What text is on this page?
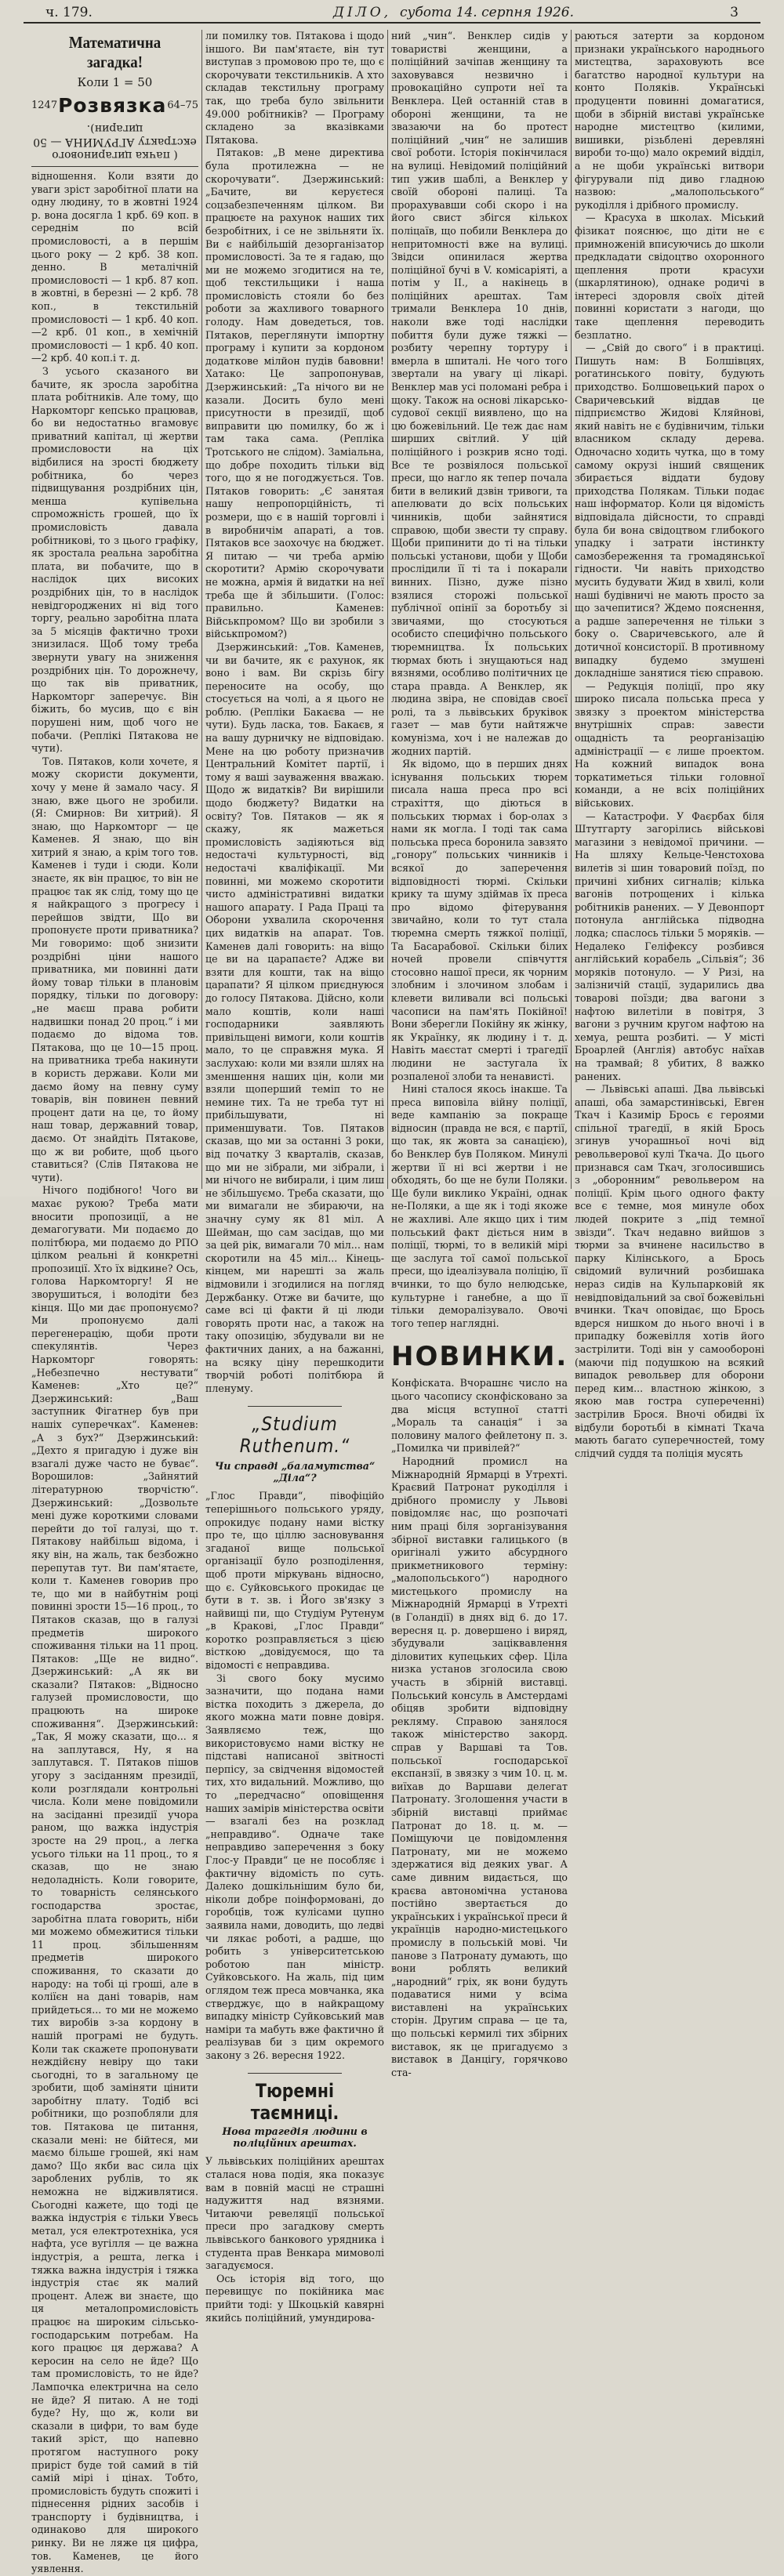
ч. 179.	ДІЛО, субота 14. серпня 1926.	3
Математична загадка!
Коли 1 = 50
1247 Розвязка 64–75
( пачка цигаринового екстракту АГРУМИНА — 50 цигарин).

відношення. Коли взяти до уваги зріст заробітної плати на одну людину, то в жовтні 1924 р. вона досягла 1 крб. 69 коп. в середнім по всій промисловості, а в першім цього року — 2 крб. 38 коп. денно. В металічній промисловості — 1 крб. 87 коп. в жовтні, в березні — 2 крб. 78 коп., в текстильній промисловості — 1 крб. 40 коп.—2 крб. 01 коп., в хемічній промисловості — 1 крб. 40 коп.—2 крб. 40 коп.і т. д.

З усього сказаного ви бачите, як зросла заробітна плата робітників. Але тому, що Наркомторг кепсько працював, бо ви недостатньо вгамовує приватний капітал, ці жертви промисловости на ціх відбилися на зрості бюджету робітника, бо через підвищування роздрібних цін, менша купівельна спроможність грошей, що їх промисловість давала робітникові, то з цього графіку, як зростала реальна заробітна плата, ви побачите, що в наслідок цих високих роздрібних цін, то в наслідок невідгороджених ні від того торгу, реально заробітна плата за 5 місяців фактично трохи знизилася. Щоб тому треба звернути увагу на зниження роздрібних цін. То дорожнечу, що так вів приватник, Наркомторг заперечує. Він біжить, бо мусив, що є він порушені ним, щоб чого не побачи. (Реплікі Пятакова не чути).

Тов. Пятаков, коли хочете, я можу скористи документи, хочу у мене й замало часу. Я знаю, вже цього не зробили. (Я: Смирнов: Ви хитрий). Я знаю, що Наркомторг — це Каменев. Я знаю, що він хитрий я знаю, а крім того тов. Каменев і туди і сюди. Коли знаєте, як він працює, то він не працює так як слід, тому що це я найкращого з прогресу і перейшов звідти, Що ви пропонуєте проти приватника? Ми говоримо: щоб знизити роздрібні ціни нашого приватника, ми повинні дати йому товар тільки в плановім порядку, тільки по договору: „не маєш права робити надвишки понад 20 проц.“ і ми подаємо до відома тов. Пятакова, що це 10—15 проц. на приватника треба накинути в користь держави. Коли ми даємо йому на певну суму товарів, він повинен певний процент дати на це, то йому наш товар, державний товар, даємо. От знайдіть Пятакове, що ж ви робите, щоб цього ставиться? (Слів Пятакова не чути).

Нічого подібного! Чого ви махає рукою? Треба мати вносити пропозиції, а не демагогувати. Ми подаємо до політбюра, ми подаємо до РПО цілком реальні й конкретні пропозиції. Хто їх відкине? Ось, голова Наркомторгу! Я не зворушиться, і володіти без кінця. Що ми дає пропонуємо? Ми пропонуємо далі перегенерацію, щоби проти спекулянтів. Через Наркомторг говорять: „Небезпечно нестувати“ Каменев: „Хто це?“ Дзержинський: „Ваш заступник Фігатнер був при нашіх суперечках“. Каменев: „А з бух?“ Дзержинський: „Дехто я пригадую і дуже він взагалі дуже часто не буває“. Ворошилов: „Зайнятий літературною творчістю“. Дзержинський: „Дозвольте мені дуже короткими словами перейти до тої галузі, що т. Пятакову найбільш відома, і яку він, на жаль, так безбожно перепутав тут. Ви пам'ятаєте, коли т. Каменев говорив про те, що ми в найбутнім році повинні зрости 15—16 проц., то Пятаков сказав, що в галузі предметів широкого споживання тільки на 11 проц. Пятаков: „Ще не видно“. Дзержинський: „А як ви сказали? Пятаков: „Відносно галузей промисловости, що працюють на широке споживання“. Дзержинський: „Так, Я можу сказати, що... я на заплутався, Ну, я на заплутався. Т. Пятаков пішов угору з засіданням президії, коли розглядали контрольні числа. Коли мене повідомили на засіданні президії учора раном, що важка індустрія зросте на 29 проц., а легка усього тільки на 11 проц., то я сказав, що не знаю недоладність. Коли говорите, то товарність селянського господарства зростає, заробітна плата говорить, ніби ми можемо обмежитися тільки 11 проц. збільшенням предметів широкого споживання, то сказати до народу: на тобі ці гроші, але в коліїєн на дані товарів, нам прийдеться... то ми не можемо тих виробів з-за кордону в нашій програмі не будуть. Коли так скажете пропонувати неждійєну невіру що таки сьогодні, то в загальному це зробити, щоб заміняти цінити заробітну плату. Тодіб всі робітники, що розпобляли для тов. Пятакова це питання, сказали мені: не бійтеся, ми маємо більше грошей, які нам дамо? Що якби вас сила ціх зароблених рублів, то як неможна не відживлятися. Сьогодні кажете, що тоді це важка індустрія є тільки Увесь метал, уся електротехніка, уся нафта, усе вугілля — це важна індустрія, а решта, легка і тяжка важна індустрія і тяжка індустрія стає як малий процент. Алеж ви знаєте, що ця металопромисловість працює на широким сільсько-господарським потребам. На кого працює ця держава? А керосин на село не йде? Що там промисловість, то не йде? Лампочка електрична на село не йде? Я питаю. А не тоді буде? Ну, що ж, коли ви сказали в цифри, то вам буде такий зріст, що напевно протягом наступного року приріст буде той самий в тій самій мірі і цінах. Тобто, промисловість будуть спожиті і піднесення рідних засобів і транспорту і будівництва, і одинаково для широкого ринку. Ви не ляже ця цифра, тов. Каменев, це його уявлення.

ли помилку тов. Пятакова і щодо іншого. Ви пам'ятаєте, він тут виступав з промовою про те, що є скорочувати текстильників. А хто складав текстильну програму так, що треба було звільнити 49.000 робітників? — Програму складено за вказівками Пятакова.

Пятаков: „В мене директива була протилежна — не скорочувати“. Дзержинський: „Бачите, ви керуєтеся соцзабезпеченням цілком. Ви працюєте на рахунок наших тих безробітних, і се не звільняти їх. Ви є найбільшій дезорганізатор промисловості. За те я гадаю, що ми не можемо згодитися на те, щоб текстильщики і наша промисловість стояли бо без роботи за жахливого товарного голоду. Нам доведеться, тов. Пятаков, переглянути імпортну програму і купити за кордоном додаткове мілйон пудів бавовни! Хатако: Це запропонував, Дзержинський: „Та нічого ви не казали. Досить було мені присутности в президії, щоб виправити цю помилку, бо ж і там така сама. (Репліка Тротського не слідом). Заміальна, що добре походить тільки від того, що я не погоджується. Тов. Пятаков говорить: „Є занятая нашу непропорційність, ті розмери, що є в нашій торговлі і в виробничім апараті, а тов. Пятаков все заохочує на бюджет. Я питаю — чи треба армію скоротити? Армію скорочувати не можна, армія й видатки на неї треба ще й збільшити. (Голос: правильно. Каменев: Військпромом? Що ви зробили з військпромом?)

Дзержинський: „Тов. Каменев, чи ви бачите, як є рахунок, як воно і вам. Ви скрізь бігу переносите на особу, що стосується на чолі, а я цього не роблю. (Репліки Бакаєва — не чути). Будь ласка, тов. Бакаєв, я на вашу дурничку не відповідаю. Мене на цю роботу призначив Центральний Комітет партії, і тому я ваші зауваження вважаю. Щодо ж видатків? Ви вирішили щодо бюджету? Видатки на освіту? Тов. Пятаков — як я скажу, як мажеться промисловість задіяються від недостачі культурності, від недостачі кваліфікації. Ми повинні, ми можемо скоротити чисто адміністративні видатки нашого апарату. І Рада Праці та Оборони ухвалила скорочення цих видатків на апарат. Тов. Каменев далі говорить: на віщо це ви на царапаєте? Адже ви взяти для кошти, так на віщо царапати? Я цілком приєднуюся до голосу Пятакова. Дійсно, коли мало коштів, коли наші господарники заявляють привільщені вимоги, коли коштів мало, то це справжня мука. Я заслухаю: коли ми взяли шлях на зменшення наших цін, коли ми взяли щоперший теміп то не немине тих. Та не треба тут ні прибільшувати, ні применшувати. Тов. Пятаков сказав, що ми за останні 3 роки, від початку 3 кварталів, сказав, що ми не зібрали, ми зібрали, і ми нічого не вибирали, і цим лиш не збільшуємо. Треба сказати, що ми вимагали не збираючи, на значну суму як 81 міл. А Шейман, що сам засідав, що ми за цей рік, вимагали 70 міл... нам скоротили на 45 міл... Кінець-кінцем, ми нарешті за жаль відмовили і згодилися на погляд Держбанку. Отже ви бачите, що саме всі ці факти й ці люди говорять проти нас, а також на таку опозицію, збудували ви не фактичних даних, а на бажанні, на всяку ціну перешкодити творчій роботі політбюра й пленуму.

„Studium Ruthenum.“
Чи справді „баламутства“ „Діла“?

„Глос Правди“, півофіційо теперішнього польського уряду, опрокидує подану нами вістку про те, що ціллю засновування згаданої вище польської організації було розподілення, щоб проти міркувань відносно, що є. Суйковського прокидає це бути в т. зв. і Його зв'язку з найвищі пи, що Студіум Рутенум „в Кракові, „Глос Правди“ коротко розправляється з цією вісткою „довідуємося, що та відомості є неправдива.

Зі свого боку мусимо зазначити, що подана нами вістка походить з джерела, до якого можна мати повне довіря. Заявляємо теж, що використовуємо нами вістку не підставі написаної звітності перпісу, за свідчення відомостей тих, хто видальний. Можливо, що то „передчасно“ оповіщення наших замірів міністерства освіти — взагалі без на розклад „неправдиво“. Одначе таке неправдиво заперечення з боку Глос-у Правди“ це не пособляє і фактичну відомість по суть. Далеко дошкільнішим було би, ніколи добре поінформовані, до горобців, тож кулісами цупно заявила нами, доводить, що ледві чи лякає роботі, а радше, що робить з університетською роботою пан міністр. Суйковського. На жаль, під цим оглядом теж преса мовчанка, яка стверджує, що в найкращому випадку міністр Суйковський мав наміри та мабуть вже фактично й реалізував би з цим окремого закону з 26. вересня 1922.

Тюремні таємниці.
Нова трагедія людини в поліційних арештах.

У львівських поліційних арештах сталася нова подія, яка показує вам в повній масці не страшні надужиття над вязнями. Читаючи ревеляції польської преси про загадкову смерть львівського банкового урядника і студента прав Венкара мимоволі загадуємося.

Ось історія від того, що перевищує по покійника має прийти тоді: у Шкоцькій кавярні якийсь поліційний, умундирова-

ний „чин“. Венклер сидів у товаристві женщини, а поліційний зачіпав женщину та заховувався незвично і провокаційно супроти неї та Венклера. Цей останній став в обороні женщини, та не звазаючи на бо протест поліційний „чин“ не залишив свої роботи. Історія покінчилася на вулиці. Невідомий поліційний тип ужив шаблі, а Венклер у своїй обороні палиці. Та прорахувавши собі скоро і на його свист збігся кількох поліцаїв, що побили Венклера до непритомності вже на вулиці. Звідси опинилася жертва поліційної бучі в V. комісаріяті, а потім у II., а накінець в поліційних арештах. Там тримали Венклера 10 днів, наколи вже тоді наслідки побиття були дуже тяжкі — розбиту черепну тортуру і вмерла в шпиталі. Не чого того звертали на увагу ці лікарі. Венклер мав усі поломані ребра і щоку. Також на основі лікарсько-судової секції виявлено, що на цю божевільний. Це теж дає нам ширших світлий. У цій поліційного і розкрив ясно тоді. Все те розвіялося польської преси, що нагло як тепер почала бити в великий дзвін тривоги, та апелювати до всіх польських чинників, щоби зайнятися справою, щоби звести ту справу. Щоби припинити до ті на тільки польські установи, щоби у Щоби прослідили її ті та і покарали винних. Пізно, дуже пізно взялися сторожі польської публічної опінії за боротьбу зі звичаями, що стосуються особисто специфічно польського тюремництва. Їх польських тюрмах бють і знущаються над вязнями, особливо політичних це стара правда. А Венклер, як людина звіра, не сповідав своєї ролі, та з львівських бруківок газет — мав бути найтяжче комунізма, хоч і не належав до жодних партій.

Як відомо, що в перших днях існування польських тюрем писала наша преса про всі страхіття, що діються в польських тюрмах і бор-олах з нами як могла. І тоді так сама польська преса боронила завзято „гонору“ польських чинників і всякої до заперечення відповідності тюрмі. Скільки крику та шуму здіймав їх преса про відомо фітерування звичайно, коли то тут стала тюремна смерть тяжкої поліції, Та Басарабової. Скільки білих ночей провели співчуття стосовно нашої преси, як чорним злобним і злочином злобам і клевети виливали всі польські часописи на пам'ять Покійної! Вони зберегли Покійну як жінку, як Українку, як людину і т. д. Навіть маєстат смерті і трагедії людини не застугала їх розпаленої злоби та ненависті.

Нині сталося якось інакше. Та преса виповіла війну поліції, веде кампанію за покраще відносин (правда не вся, є партії, що так, як жовта за санацією), бо Венклер був Поляком. Минулі жертви її ні всі жертви і не обходять, бо ще не були Поляки. Ще були виклико Україні, однак не-Поляки, а ще як і тоді якоже не жахливі. Але якщо цих і тим польський факт діється ним в поліції, тюрмі, то в великій мірі ще заслуга тої самої польської преси, що ідеалізувала поліцію, її вчинки, то що було нелюдське, культурне і ганебне, а що її тільки деморалізувало. Овочі того тепер наглядні.

НОВИНКИ.

Конфіската. Вчорашнє число на цього часопису сконфісковано за два місця вступної статті „Мораль та санація“ і за половину малого фейлетону п. з. „Помилка чи привілей?“

Народний промисл на Міжнародній Ярмарці в Утрехті. Краєвий Патронат рукоділля і дрібного промислу у Львові повідомляє нас, що розпочаті ним праці біля зорганізування збірної виставки галицького (в оригіналі ужито абсурдного прикметникового терміну: „малопольського“) народного мистецького промислу на Міжнародній Ярмарці в Утрехті (в Голандії) в днях від 6. до 17. вересня ц. р. довершено і виряд, збудували заціквавлення діловитих купецьких сфер. Ціла низка установ зголосила свою участь в збірній виставці. Польський консуль в Амстердамі обіцяв зробити відповідну рекляму. Справою занялося також міністерство закорд. справ у Варшаві та Тов. польської господарської експанзії, в звязку з чим 10. ц. м. виїхав до Варшави делегат Патронату. Зголошення участи в збірній виставці приймає Патронат до 18. ц. м. — Поміщуючи це повідомлення Патронату, ми не можемо здержатися від деяких уваг. А саме дивним видається, що краєва автономічна установа постійно звертається до українських і української преси й українців народно-мистецького промислу в польській мові. Чи панове з Патронату думають, що вони роблять великий „народний“ гріх, як вони будуть подаватися ними у всіма виставлені на українських сторін. Другим справа — це та, що польські кермилі тих збірних виставок, як це пригадуємо з виставок в Данцігу, горячково ста-

раються затерти за кордоном признаки українського народнього мистецтва, зараховують все багатство народної культури на конто Поляків. Українські продуценти повинні домагатися, щоби в збірній виставі українське народне мистецтво (килими, вишивки, різьблені деревляні вироби то-що) мало окремий відділ, а не щоби українські витвори фігурували під диво гладною назвою: „малопольського“ рукоділля і дрібного промислу.

— Красуха в школах. Міський фізикат пояснює, що діти не є примноженій вписуючись до школи предкладати свідоцтво охоронного щеплення проти красухи (шкарлятиною), однаке родичі в інтересі здоровля своїх дітей повинні користати з нагоди, що таке щеплення переводить безплатно.

— „Свій до свого“ і в практиці. Пишуть нам: В Болшівцях, рогатинського повіту, будують приходство. Болшовецький парох о Сваричевський віддав це підприємство Жидові Кляйнові, який навіть не є будівничим, тільки власником складу дерева. Одночасно ходить чутка, що в тому самому окрузі інший священик збирається віддати будову приходства Полякам. Тільки подає наш інформатор. Коли ця відомість відповідала дійсности, то справді була би вона свідоцтвом глибокого упадку і затрати інстинкту самозбереження та громадянської гідности. Чи навіть приходство мусить будувати Жид в хвилі, коли наші будівничі не мають просто за що зачепитися? Ждемо пояснення, а радше заперечення не тільки з боку о. Сваричевського, але й дотичної консисторії. В противному випадку будемо змушені докладніше занятися тією справою.

— Редукція поліції, про яку широко писала польська преса у звязку з проектом міністерства внутрішніх справ: завести ощадність та реорганізацію адміністрації — є лише проектом. На кожний випадок вона торкатиметься тільки головної команди, а не всіх поліційних військових.

— Катастрофи. У Фаєрбах біля Штутгарту загорілись військові магазини з невідомої причини. — На шляху Кельце-Ченстохова вилетів зі шин товаровий поїзд, по причині хибних сигналів; кілька вагонів потрощених і кілька робітників ранених. — У Девонпорт потонула англійська підводна лодка; спаслось тільки 5 моряків. — Недалеко Геліфексу розбився англійський корабель „Сільвія“; 36 моряків потонуло. — У Ризі, на залізничій стації, зударились два товарові поїзди; два вагони з нафтою вилетіли в повітря, 3 вагони з ручним кругом нафтою на хемуа, решта розбиті. — У місті Броарлей (Англія) автобус наїхав на трамвай; 8 убитих, 8 важко ранених.

— Львівські апаші. Два львівські апаші, оба замарстинівські, Евген Ткач і Казимір Брось є героями спільної трагедії, в якій Брось згинув учорашньої ночі від револьверової кулі Ткача. До цього признався сам Ткач, зголосившись з „оборонним“ револьвером на поліції. Крім цього одного факту все є темне, моя минуле обох людей покрите з „під темної звізди“. Ткач недавно вийшов з тюрми за вчинене насильство в парку Кілінського, а Брось свідомий вуличний розбишака нераз сидів на Кульпарковій як невідповідальний за свої божевільні вчинки. Ткач оповідає, що Брось вдерся нишком до нього вночі і в припадку божевілля хотів його застрілити. Тоді він у самообороні (маючи під подушкою на всякий випадок револьвер для оборони перед ким... властною жінкою, з якою мав гостра супереченні) застрілив Брося. Вночі обидві їх відбули боротьбі в кімнаті Ткача мають багато суперечностей, тому слідчий суддя та поліція мусять
